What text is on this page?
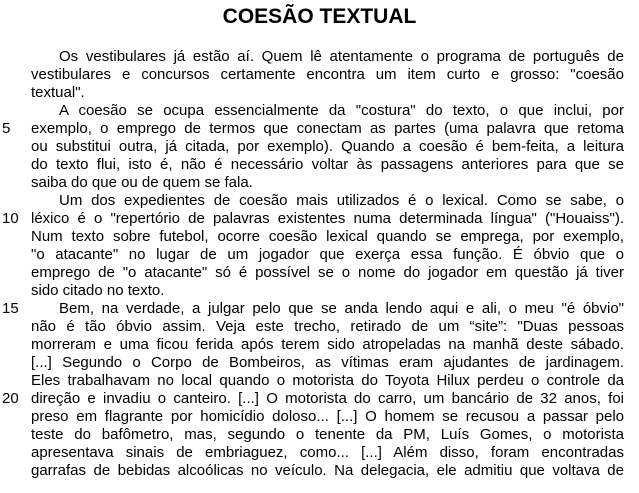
COESÃO TEXTUAL
Os vestibulares já estão aí. Quem lê atentamente o programa de português de
vestibulares e concursos certamente encontra um item curto e grosso: "coesão
textual".
A coesão se ocupa essencialmente da "costura" do texto, o que inclui, por
5	exemplo, o emprego de termos que conectam as partes (uma palavra que retoma
ou substitui outra, já citada, por exemplo). Quando a coesão é bem-feita, a leitura
do texto flui, isto é, não é necessário voltar às passagens anteriores para que se
saiba do que ou de quem se fala.
Um dos expedientes de coesão mais utilizados é o lexical. Como se sabe, o
10 léxico é o "repertório de palavras existentes numa determinada língua" ("Houaiss").
Num texto sobre futebol, ocorre coesão lexical quando se emprega, por exemplo,
"o atacante" no lugar de um jogador que exerça essa função. É óbvio que o
emprego de "o atacante" só é possível se o nome do jogador em questão já tiver
sido citado no texto.
15	Bem, na verdade, a julgar pelo que se anda lendo aqui e ali, o meu "é óbvio"
não é tão óbvio assim. Veja este trecho, retirado de um “site”: "Duas pessoas
morreram e uma ficou ferida após terem sido atropeladas na manhã deste sábado.
[...] Segundo o Corpo de Bombeiros, as vítimas eram ajudantes de jardinagem.
Eles trabalhavam no local quando o motorista do Toyota Hilux perdeu o controle da
20 direção e invadiu o canteiro. [...] O motorista do carro, um bancário de 32 anos, foi
preso em flagrante por homicídio doloso... [...] O homem se recusou a passar pelo
teste do bafômetro, mas, segundo o tenente da PM, Luís Gomes, o motorista
apresentava sinais de embriaguez, como... [...] Além disso, foram encontradas
garrafas de bebidas alcoólicas no veículo. Na delegacia, ele admitiu que voltava de
